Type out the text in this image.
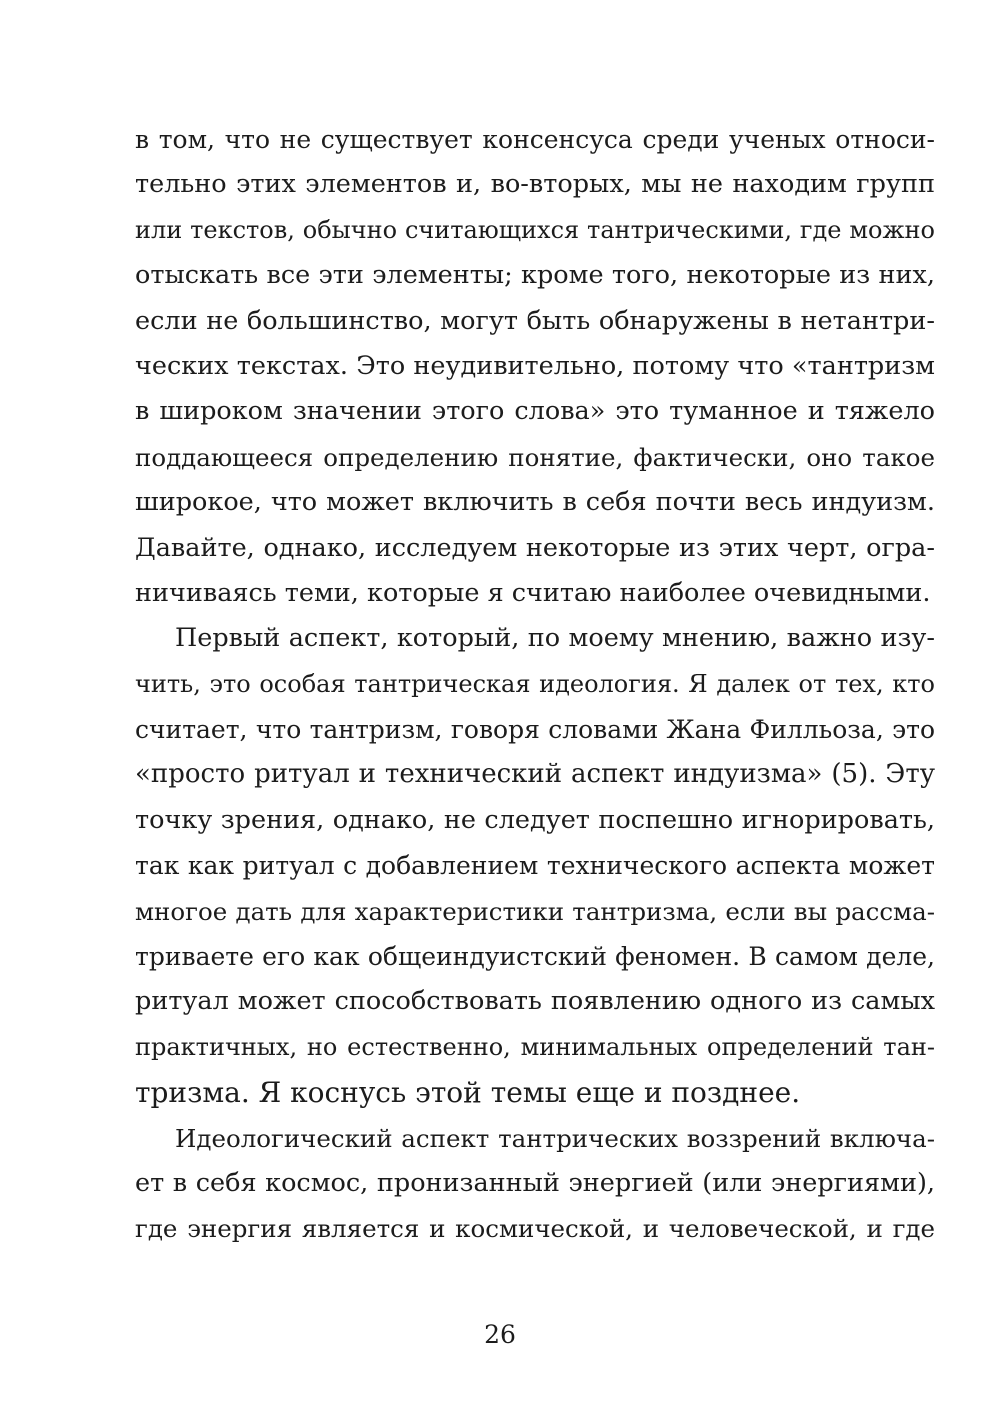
в том, что не существует консенсуса среди ученых относи-
тельно этих элементов и, во-вторых, мы не находим групп
или текстов, обычно считающихся тантрическими, где можно
отыскать все эти элементы; кроме того, некоторые из них,
если не большинство, могут быть обнаружены в нетантри-
ческих текстах. Это неудивительно, потому что «тантризм
в широком значении этого слова» это туманное и тяжело
поддающееся определению понятие, фактически, оно такое
широкое, что может включить в себя почти весь индуизм.
Давайте, однако, исследуем некоторые из этих черт, огра-
ничиваясь теми, которые я считаю наиболее очевидными.
Первый аспект, который, по моему мнению, важно изу-
чить, это особая тантрическая идеология. Я далек от тех, кто
считает, что тантризм, говоря словами Жана Филльоза, это
«просто ритуал и технический аспект индуизма» (5). Эту
точку зрения, однако, не следует поспешно игнорировать,
так как ритуал с добавлением технического аспекта может
многое дать для характеристики тантризма, если вы рассма-
триваете его как общеиндуистский феномен. В самом деле,
ритуал может способствовать появлению одного из самых
практичных, но естественно, минимальных определений тан-
тризма. Я коснусь этой темы еще и позднее.
Идеологический аспект тантрических воззрений включа-
ет в себя космос, пронизанный энергией (или энергиями),
где энергия является и космической, и человеческой, и где
26
